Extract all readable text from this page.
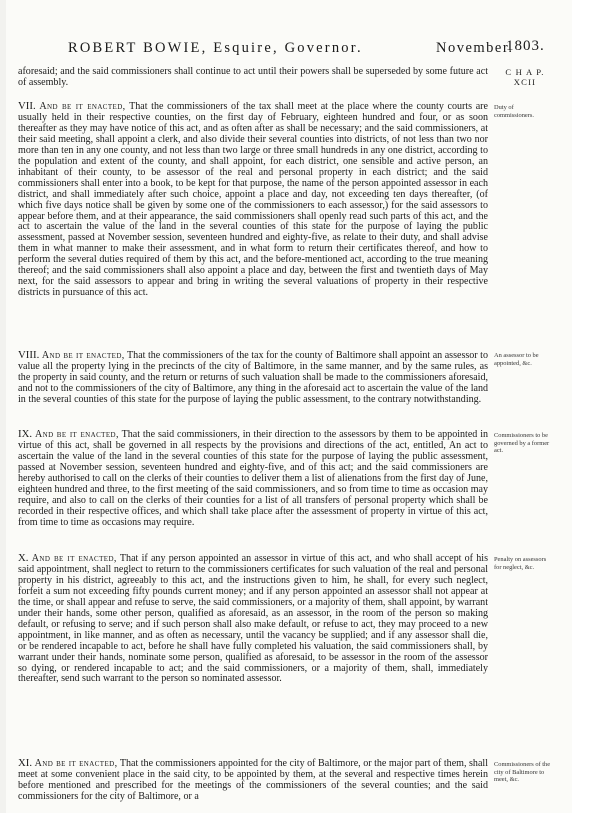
ROBERT BOWIE, Esquire, Governor.	November.
1803.
C H A P.
XCII
aforesaid; and the said commissioners shall continue to act until their powers shall be superseded by some future act of assembly.
VII. And be it enacted, That the commissioners of the tax shall meet at the place where the county courts are usually held in their respective counties, on the first day of February, eighteen hundred and four, or as soon thereafter as they may have notice of this act, and as often after as shall be necessary; and the said commissioners, at their said meeting, shall appoint a clerk, and also divide their several counties into districts, of not less than two nor more than ten in any one county, and not less than two large or three small hundreds in any one district, according to the population and extent of the county, and shall appoint, for each district, one sensible and active person, an inhabitant of their county, to be assessor of the real and personal property in each district; and the said commissioners shall enter into a book, to be kept for that purpose, the name of the person appointed assessor in each district, and shall immediately after such choice, appoint a place and day, not exceeding ten days thereafter, (of which five days notice shall be given by some one of the commissioners to each assessor,) for the said assessors to appear before them, and at their appearance, the said commissioners shall openly read such parts of this act, and the act to ascertain the value of the land in the several counties of this state for the purpose of laying the public assessment, passed at November session, seventeen hundred and eighty-five, as relate to their duty, and shall advise them in what manner to make their assessment, and in what form to return their certificates thereof, and how to perform the several duties required of them by this act, and the before-mentioned act, according to the true meaning thereof; and the said commissioners shall also appoint a place and day, between the first and twentieth days of May next, for the said assessors to appear and bring in writing the several valuations of property in their respective districts in pursuance of this act.
Duty of commissioners.
VIII. And be it enacted, That the commissioners of the tax for the county of Baltimore shall appoint an assessor to value all the property lying in the precincts of the city of Baltimore, in the same manner, and by the same rules, as the property in said county, and the return or returns of such valuation shall be made to the commissioners aforesaid, and not to the commissioners of the city of Baltimore, any thing in the aforesaid act to ascertain the value of the land in the several counties of this state for the purpose of laying the public assessment, to the contrary notwithstanding.
An assessor to be appointed, &c.
IX. And be it enacted, That the said commissioners, in their direction to the assessors by them to be appointed in virtue of this act, shall be governed in all respects by the provisions and directions of the act, entitled, An act to ascertain the value of the land in the several counties of this state for the purpose of laying the public assessment, passed at November session, seventeen hundred and eighty-five, and of this act; and the said commissioners are hereby authorised to call on the clerks of their counties to deliver them a list of alienations from the first day of June, eighteen hundred and three, to the first meeting of the said commissioners, and so from time to time as occasion may require, and also to call on the clerks of their counties for a list of all transfers of personal property which shall be recorded in their respective offices, and which shall take place after the assessment of property in virtue of this act, from time to time as occasions may require.
Commissioners to be governed by a former act.
X. And be it enacted, That if any person appointed an assessor in virtue of this act, and who shall accept of his said appointment, shall neglect to return to the commissioners certificates for such valuation of the real and personal property in his district, agreeably to this act, and the instructions given to him, he shall, for every such neglect, forfeit a sum not exceeding fifty pounds current money; and if any person appointed an assessor shall not appear at the time, or shall appear and refuse to serve, the said commissioners, or a majority of them, shall appoint, by warrant under their hands, some other person, qualified as aforesaid, as an assessor, in the room of the person so making default, or refusing to serve; and if such person shall also make default, or refuse to act, they may proceed to a new appointment, in like manner, and as often as necessary, until the vacancy be supplied; and if any assessor shall die, or be rendered incapable to act, before he shall have fully completed his valuation, the said commissioners shall, by warrant under their hands, nominate some person, qualified as aforesaid, to be assessor in the room of the assessor so dying, or rendered incapable to act; and the said commissioners, or a majority of them, shall, immediately thereafter, send such warrant to the person so nominated assessor.
Penalty on assessors for neglect, &c.
XI. And be it enacted, That the commissioners appointed for the city of Baltimore, or the major part of them, shall meet at some convenient place in the said city, to be appointed by them, at the several and respective times herein before mentioned and prescribed for the meetings of the commissioners of the several counties; and the said commissioners for the city of Baltimore, or a
Commissioners of the city of Baltimore to meet, &c.
